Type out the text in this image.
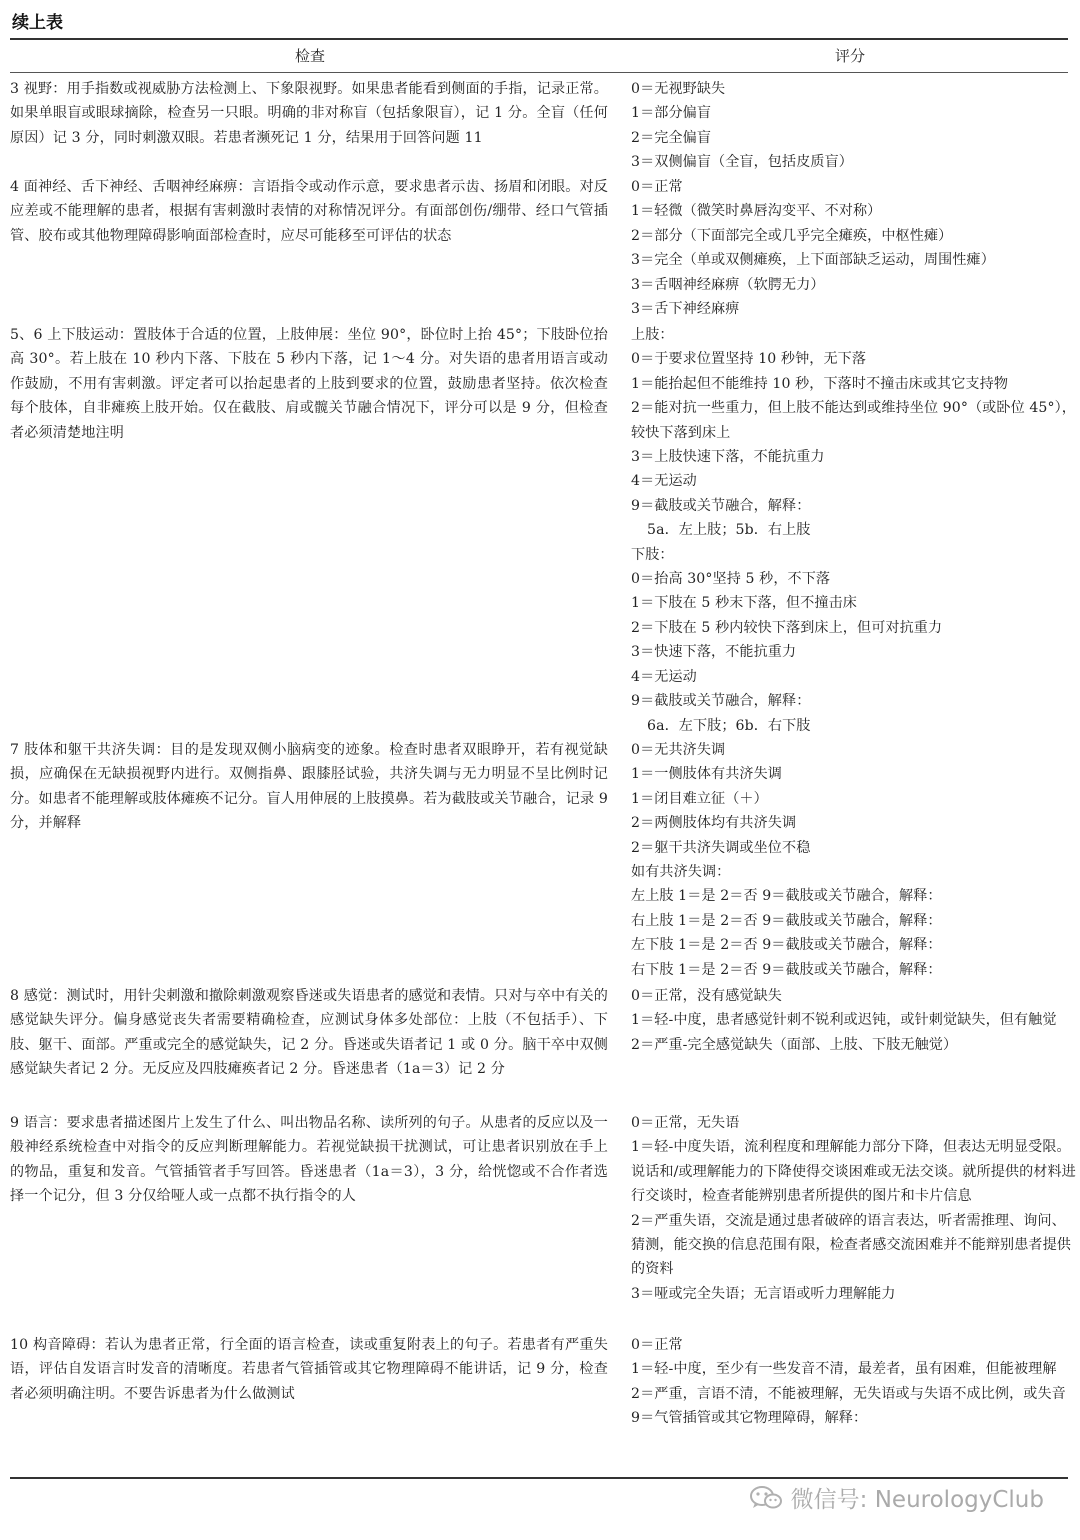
续上表
检查	评分
3 视野：用手指数或视威胁方法检测上、下象限视野。如果患者能看到侧面的手指，记录正常。如果单眼盲或眼球摘除，检查另一只眼。明确的非对称盲（包括象限盲），记 1 分。全盲（任何原因）记 3 分，同时刺激双眼。若患者濒死记 1 分，结果用于回答问题 11
0＝无视野缺失
1＝部分偏盲
2＝完全偏盲
3＝双侧偏盲（全盲，包括皮质盲）
4 面神经、舌下神经、舌咽神经麻痹：言语指令或动作示意，要求患者示齿、扬眉和闭眼。对反应差或不能理解的患者，根据有害刺激时表情的对称情况评分。有面部创伤/绷带、经口气管插管、胶布或其他物理障碍影响面部检查时，应尽可能移至可评估的状态
0＝正常
1＝轻微（微笑时鼻唇沟变平、不对称）
2＝部分（下面部完全或几乎完全瘫痪，中枢性瘫）
3＝完全（单或双侧瘫痪，上下面部缺乏运动，周围性瘫）
3＝舌咽神经麻痹（软腭无力）
3＝舌下神经麻痹
5、6 上下肢运动：置肢体于合适的位置，上肢伸展：坐位 90°，卧位时上抬 45°；下肢卧位抬高 30°。若上肢在 10 秒内下落、下肢在 5 秒内下落，记 1～4 分。对失语的患者用语言或动作鼓励，不用有害刺激。评定者可以抬起患者的上肢到要求的位置，鼓励患者坚持。依次检查每个肢体，自非瘫痪上肢开始。仅在截肢、肩或髋关节融合情况下，评分可以是 9 分，但检查者必须清楚地注明
上肢：
0＝于要求位置坚持 10 秒钟，无下落
1＝能抬起但不能维持 10 秒，下落时不撞击床或其它支持物
2＝能对抗一些重力，但上肢不能达到或维持坐位 90°（或卧位 45°），较快下落到床上
3＝上肢快速下落，不能抗重力
4＝无运动
9＝截肢或关节融合，解释：
5a．左上肢；5b．右上肢
下肢：
0＝抬高 30°坚持 5 秒，不下落
1＝下肢在 5 秒末下落，但不撞击床
2＝下肢在 5 秒内较快下落到床上，但可对抗重力
3＝快速下落，不能抗重力
4＝无运动
9＝截肢或关节融合，解释：
6a．左下肢；6b．右下肢
7 肢体和躯干共济失调：目的是发现双侧小脑病变的迹象。检查时患者双眼睁开，若有视觉缺损，应确保在无缺损视野内进行。双侧指鼻、跟膝胫试验，共济失调与无力明显不呈比例时记分。如患者不能理解或肢体瘫痪不记分。盲人用伸展的上肢摸鼻。若为截肢或关节融合，记录 9 分，并解释
0＝无共济失调
1＝一侧肢体有共济失调
1＝闭目难立征（＋）
2＝两侧肢体均有共济失调
2＝躯干共济失调或坐位不稳
如有共济失调：
左上肢 1＝是 2＝否 9＝截肢或关节融合，解释：
右上肢 1＝是 2＝否 9＝截肢或关节融合，解释：
左下肢 1＝是 2＝否 9＝截肢或关节融合，解释：
右下肢 1＝是 2＝否 9＝截肢或关节融合，解释：
8 感觉：测试时，用针尖刺激和撤除刺激观察昏迷或失语患者的感觉和表情。只对与卒中有关的感觉缺失评分。偏身感觉丧失者需要精确检查，应测试身体多处部位：上肢（不包括手）、下肢、躯干、面部。严重或完全的感觉缺失，记 2 分。昏迷或失语者记 1 或 0 分。脑干卒中双侧感觉缺失者记 2 分。无反应及四肢瘫痪者记 2 分。昏迷患者（1a＝3）记 2 分
0＝正常，没有感觉缺失
1＝轻-中度，患者感觉针刺不锐利或迟钝，或针刺觉缺失，但有触觉
2＝严重-完全感觉缺失（面部、上肢、下肢无触觉）
9 语言：要求患者描述图片上发生了什么、叫出物品名称、读所列的句子。从患者的反应以及一般神经系统检查中对指令的反应判断理解能力。若视觉缺损干扰测试，可让患者识别放在手上的物品，重复和发音。气管插管者手写回答。昏迷患者（1a＝3），3 分，给恍惚或不合作者选择一个记分，但 3 分仅给哑人或一点都不执行指令的人
0＝正常，无失语
1＝轻-中度失语，流利程度和理解能力部分下降，但表达无明显受限。说话和/或理解能力的下降使得交谈困难或无法交谈。就所提供的材料进行交谈时，检查者能辨别患者所提供的图片和卡片信息
2＝严重失语，交流是通过患者破碎的语言表达，听者需推理、询问、猜测，能交换的信息范围有限，检查者感交流困难并不能辩别患者提供的资料
3＝哑或完全失语；无言语或听力理解能力
10 构音障碍：若认为患者正常，行全面的语言检查，读或重复附表上的句子。若患者有严重失语，评估自发语言时发音的清晰度。若患者气管插管或其它物理障碍不能讲话，记 9 分，检查者必须明确注明。不要告诉患者为什么做测试
0＝正常
1＝轻-中度，至少有一些发音不清，最差者，虽有困难，但能被理解
2＝严重，言语不清，不能被理解，无失语或与失语不成比例，或失音
9＝气管插管或其它物理障碍，解释：
微信号: NeurologyClub
